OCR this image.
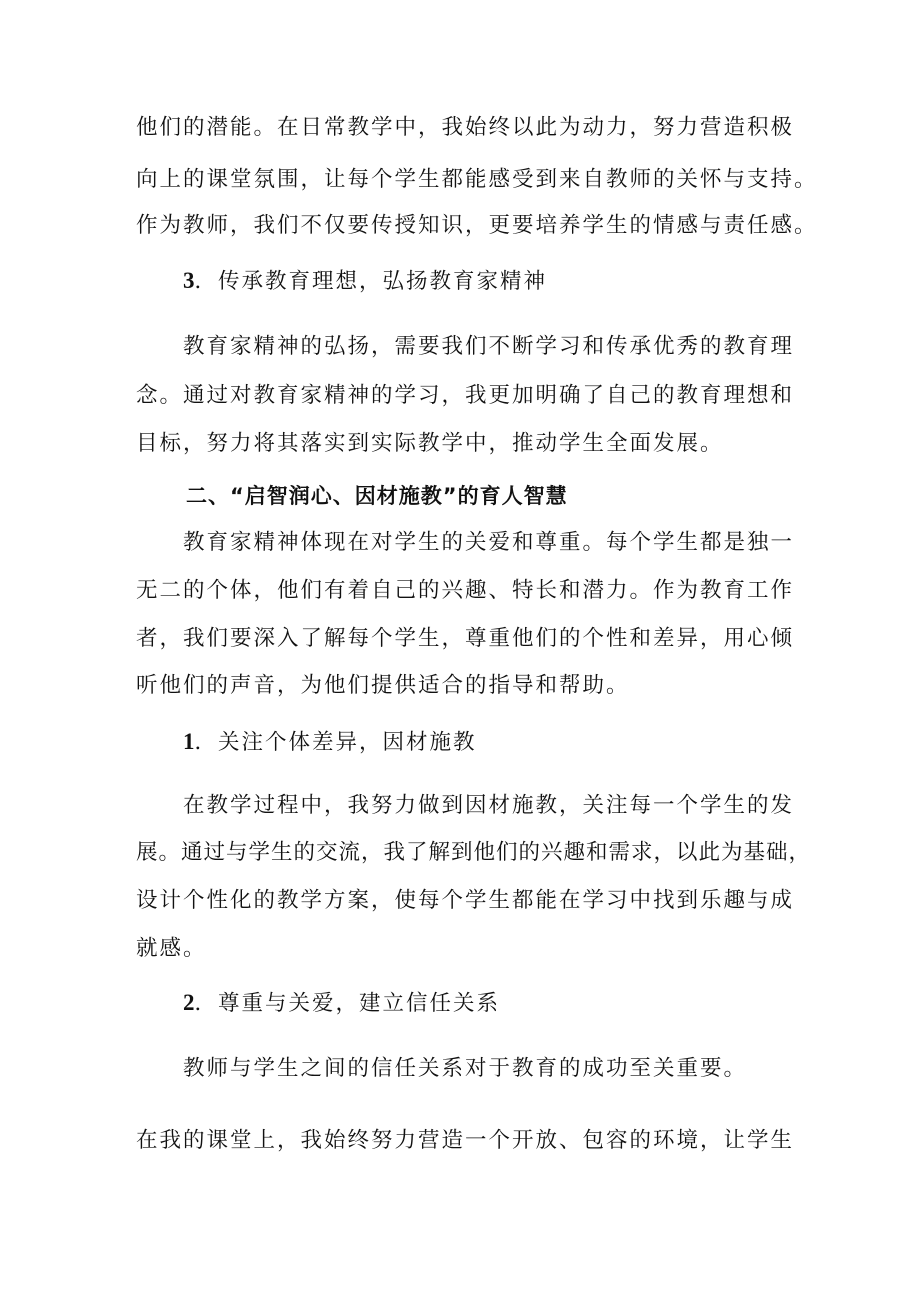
他们的潜能。在日常教学中，我始终以此为动力，努力营造积极

向上的课堂氛围，让每个学生都能感受到来自教师的关怀与支持。

作为教师，我们不仅要传授知识，更要培养学生的情感与责任感。

3．传承教育理想，弘扬教育家精神

教育家精神的弘扬，需要我们不断学习和传承优秀的教育理

念。通过对教育家精神的学习，我更加明确了自己的教育理想和

目标，努力将其落实到实际教学中，推动学生全面发展。

二、“启智润心、因材施教”的育人智慧

教育家精神体现在对学生的关爱和尊重。每个学生都是独一

无二的个体，他们有着自己的兴趣、特长和潜力。作为教育工作

者，我们要深入了解每个学生，尊重他们的个性和差异，用心倾

听他们的声音，为他们提供适合的指导和帮助。

1．关注个体差异，因材施教

在教学过程中，我努力做到因材施教，关注每一个学生的发

展。通过与学生的交流，我了解到他们的兴趣和需求，以此为基础，

设计个性化的教学方案，使每个学生都能在学习中找到乐趣与成

就感。

2．尊重与关爱，建立信任关系

教师与学生之间的信任关系对于教育的成功至关重要。

在我的课堂上，我始终努力营造一个开放、包容的环境，让学生
